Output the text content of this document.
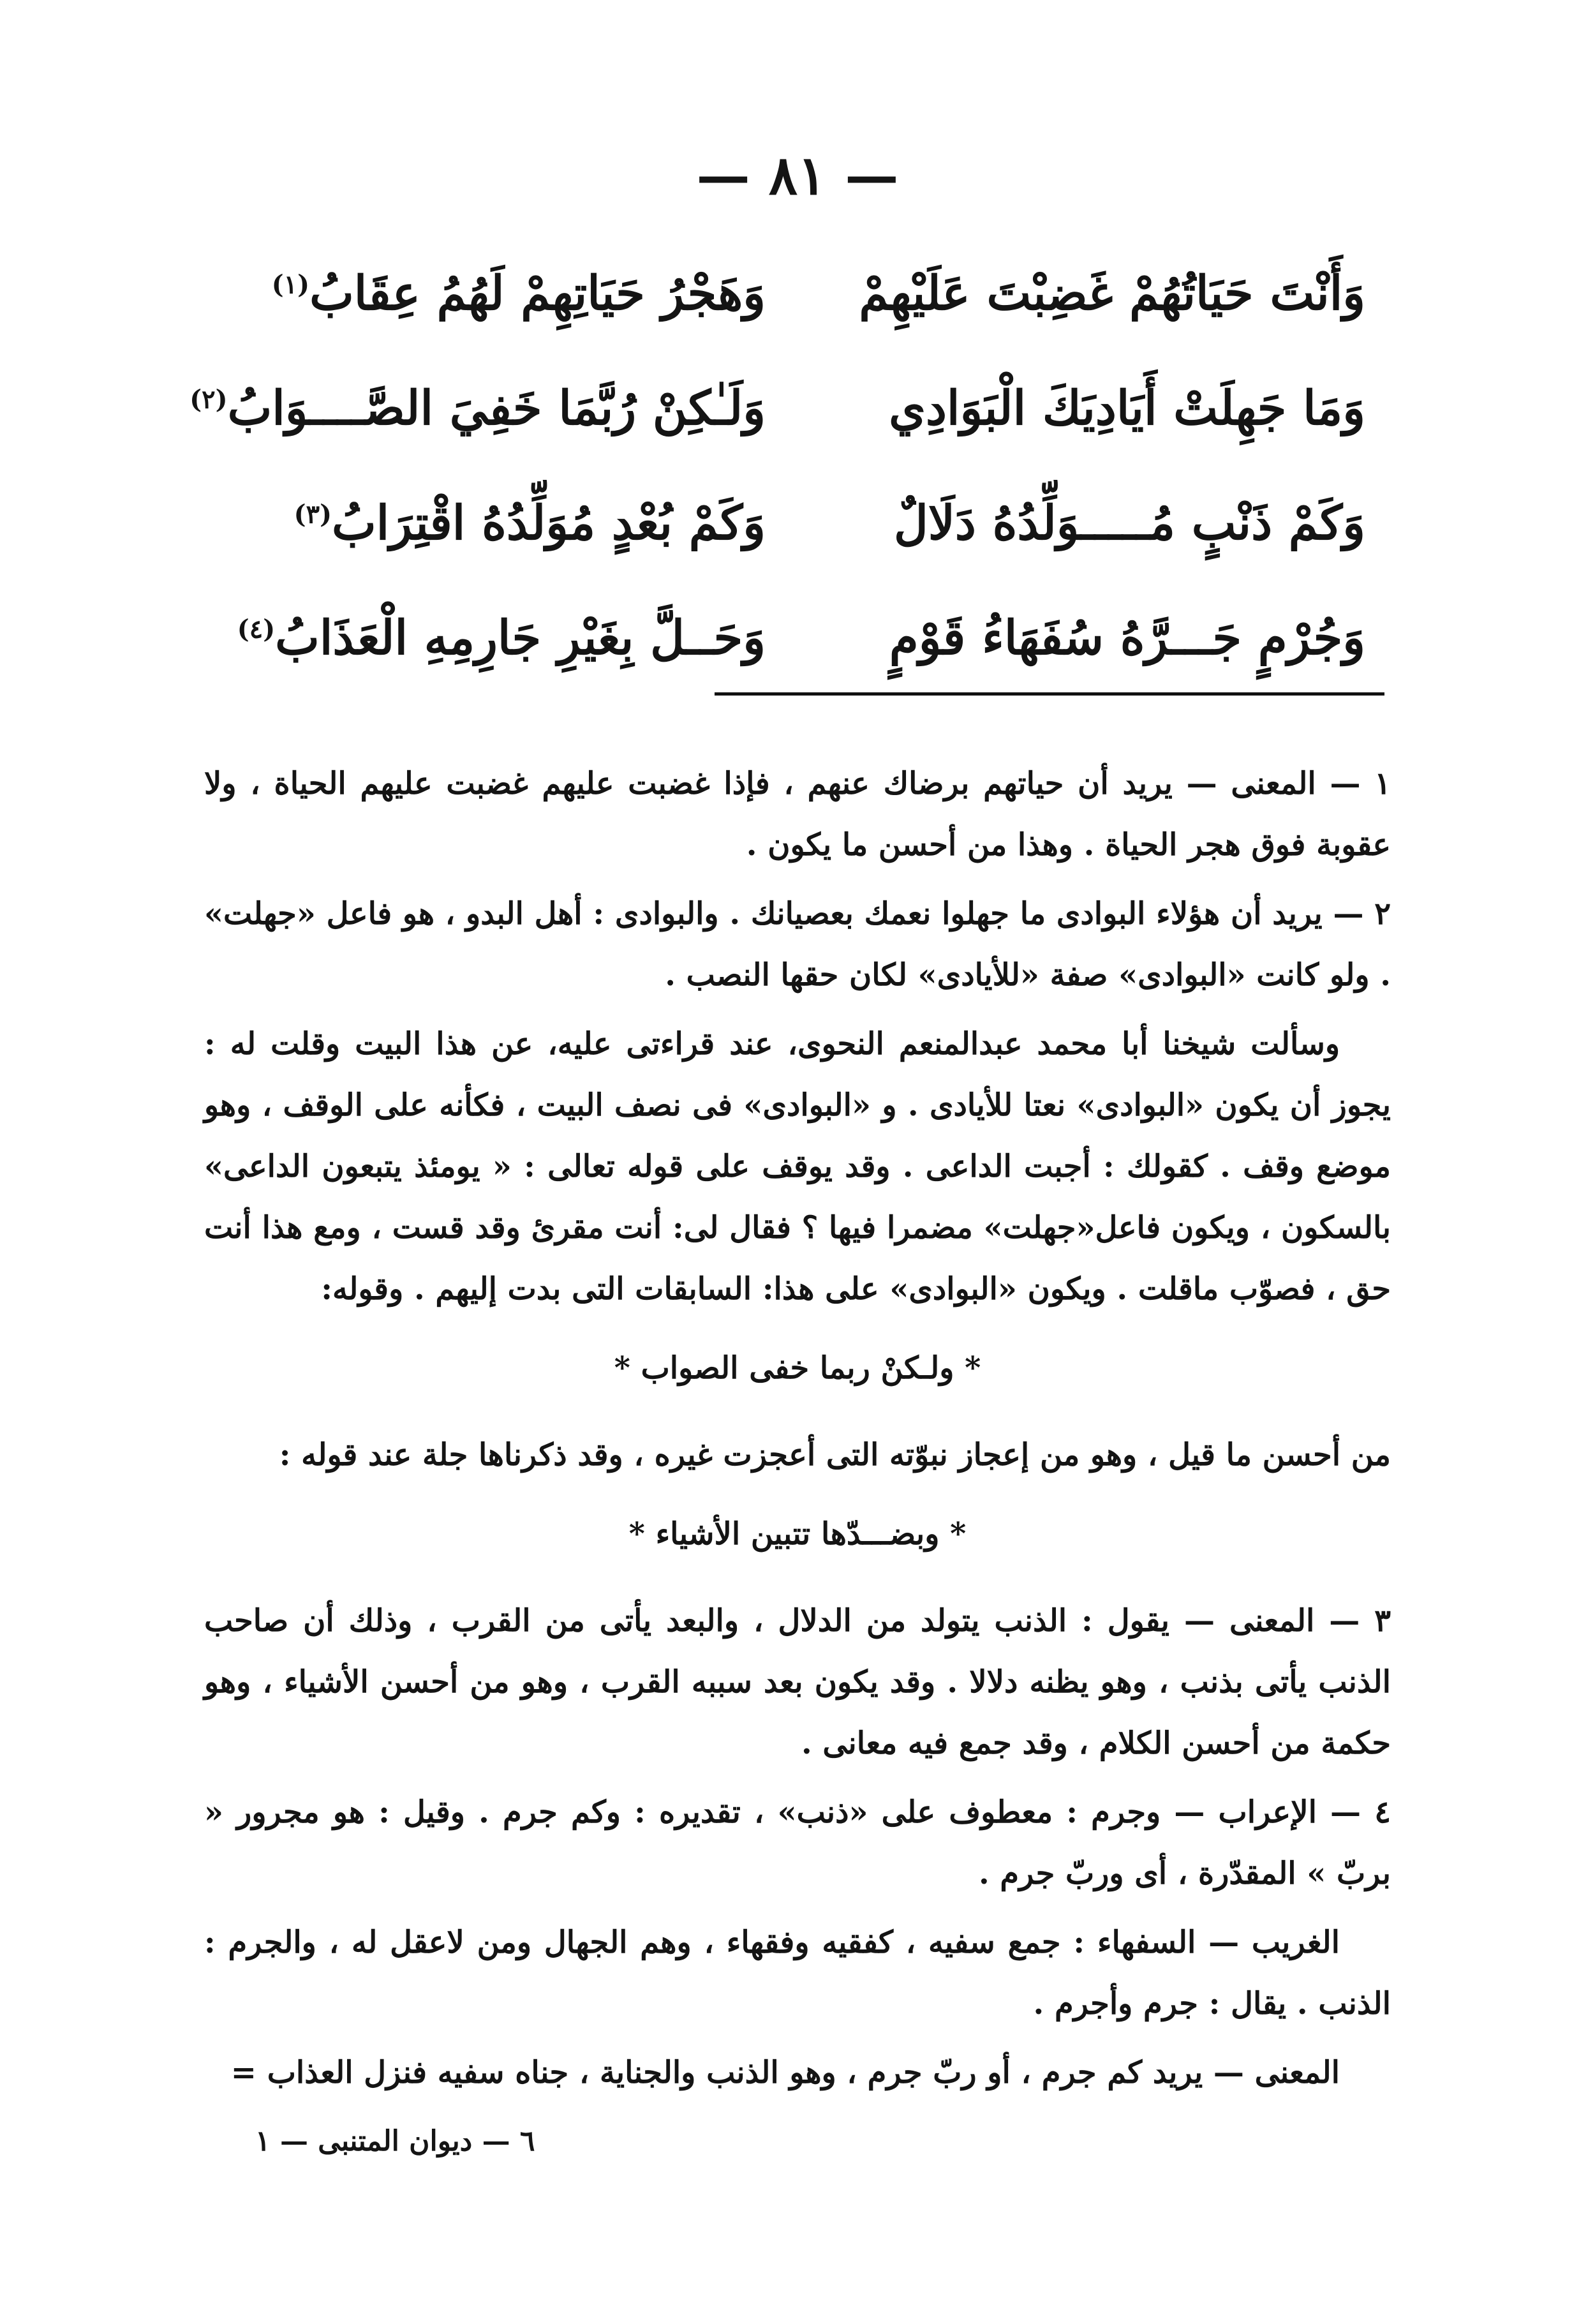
— ٨١ —
وَأَنْتَ حَيَاتُهُمْ غَضِبْتَ عَلَيْهِمْ
وَهَجْرُ حَيَاتِهِمْ لَهُمُ عِقَابُ$^{(١)}$
وَمَا جَهِلَتْ أَيَادِيَكَ الْبَوَادِي
وَلَـٰكِنْ رُبَّمَا خَفِيَ الصَّــــوَابُ$^{(٢)}$
وَكَمْ ذَنْبٍ مُـــــوَلِّدُهُ دَلَالٌ
وَكَمْ بُعْدٍ مُوَلِّدُهُ اقْتِرَابُ$^{(٣)}$
وَجُرْمٍ جَـــرَّهُ سُفَهَاءُ قَوْمٍ
وَحَــلَّ بِغَيْرِ جَارِمِهِ الْعَذَابُ$^{(٤)}$

١ — المعنى — يريد أن حياتهم برضاك عنهم ، فإذا غضبت عليهم غضبت عليهم الحياة ، ولا عقوبة فوق هجر الحياة . وهذا من أحسن ما يكون .

٢ — يريد أن هؤلاء البوادى ما جهلوا نعمك بعصيانك . والبوادى : أهل البدو ، هو فاعل «جهلت» . ولو كانت «البوادى» صفة «للأيادى» لكان حقها النصب .

وسألت شيخنا أبا محمد عبدالمنعم النحوى، عند قراءتى عليه، عن هذا البيت وقلت له : يجوز أن يكون «البوادى» نعتا للأيادى . و «البوادى» فى نصف البيت ، فكأنه على الوقف ، وهو موضع وقف . كقولك : أجبت الداعى . وقد يوقف على قوله تعالى : « يومئذ يتبعون الداعى» بالسكون ، ويكون فاعل«جهلت» مضمرا فيها ؟ فقال لى: أنت مقرئ وقد قست ، ومع هذا أنت حق ، فصوّب ماقلت . ويكون «البوادى» على هذا: السابقات التى بدت إليهم . وقوله:

* ولـكنْ ربما خفى الصواب *

من أحسن ما قيل ، وهو من إعجاز نبوّته التى أعجزت غيره ، وقد ذكرناها جلة عند قوله :

* وبضـــدّها تتبين الأشياء *

٣ — المعنى — يقول : الذنب يتولد من الدلال ، والبعد يأتى من القرب ، وذلك أن صاحب الذنب يأتى بذنب ، وهو يظنه دلالا . وقد يكون بعد سببه القرب ، وهو من أحسن الأشياء ، وهو حكمة من أحسن الكلام ، وقد جمع فيه معانى .

٤ — الإعراب — وجرم : معطوف على «ذنب» ، تقديره : وكم جرم . وقيل : هو مجرور « بربّ » المقدّرة ، أى وربّ جرم .

الغريب — السفهاء : جمع سفيه ، كفقيه وفقهاء ، وهم الجهال ومن لاعقل له ، والجرم : الذنب . يقال : جرم وأجرم .

المعنى — يريد كم جرم ، أو ربّ جرم ، وهو الذنب والجناية ، جناه سفيه فنزل العذاب =

٦ — ديوان المتنبى — ١
